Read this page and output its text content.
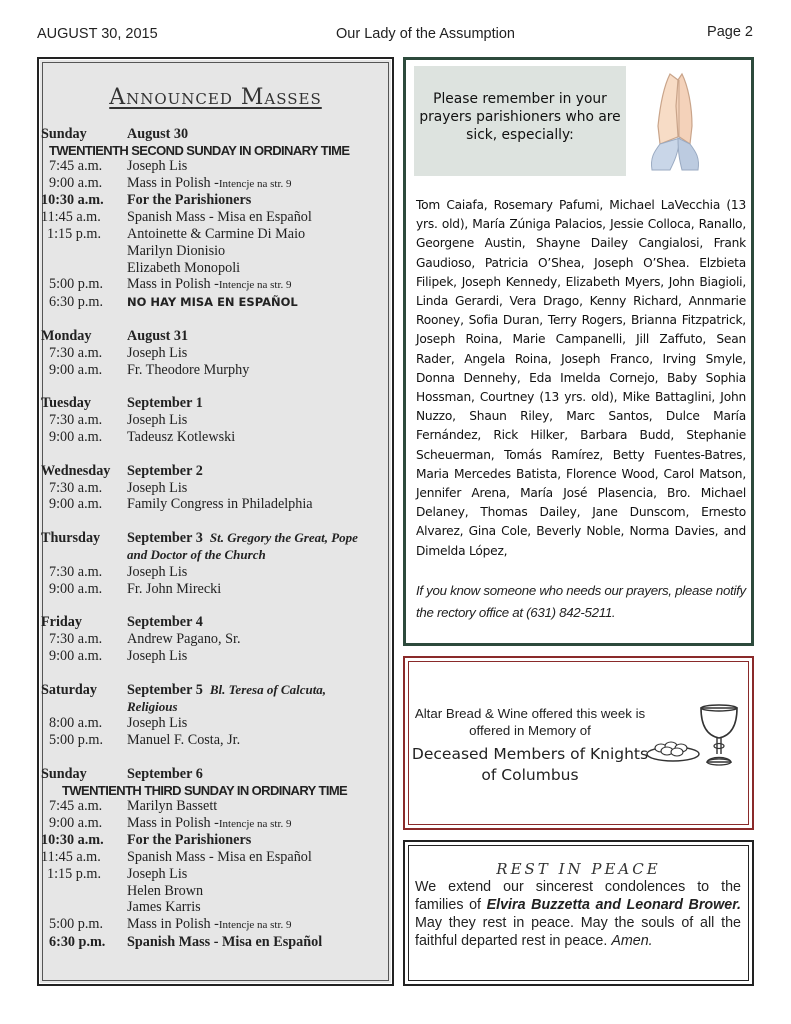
AUGUST 30, 2015	Our Lady of the Assumption	Page 2
Announced Masses
Sunday	August 30
TWENTIENTH SECOND SUNDAY IN ORDINARY TIME
7:45 a.m.	Joseph Lis
9:00 a.m.	Mass in Polish -Intencje na str. 9
10:30 a.m.	For the Parishioners
11:45 a.m.	Spanish Mass - Misa en Español
1:15 p.m.	Antoinette & Carmine Di Maio
Marilyn Dionisio
Elizabeth Monopoli
5:00 p.m.	Mass in Polish -Intencje na str. 9
6:30 p.m.	NO HAY MISA EN ESPAÑOL
Monday	August 31
7:30 a.m.	Joseph Lis
9:00 a.m.	Fr. Theodore Murphy
Tuesday	September 1
7:30 a.m.	Joseph Lis
9:00 a.m.	Tadeusz Kotlewski
Wednesday	September 2
7:30 a.m.	Joseph Lis
9:00 a.m.	Family Congress in Philadelphia
Thursday	September 3 St. Gregory the Great, Pope
and Doctor of the Church
7:30 a.m.	Joseph Lis
9:00 a.m.	Fr. John Mirecki
Friday	September 4
7:30 a.m.	Andrew Pagano, Sr.
9:00 a.m.	Joseph Lis
Saturday	September 5 Bl. Teresa of Calcuta,
Religious
8:00 a.m.	Joseph Lis
5:00 p.m.	Manuel F. Costa, Jr.
Sunday	September 6
TWENTIENTH THIRD SUNDAY IN ORDINARY TIME
7:45 a.m.	Marilyn Bassett
9:00 a.m.	Mass in Polish -Intencje na str. 9
10:30 a.m.	For the Parishioners
11:45 a.m.	Spanish Mass - Misa en Español
1:15 p.m.	Joseph Lis
Helen Brown
James Karris
5:00 p.m.	Mass in Polish -Intencje na str. 9
6:30 p.m.	Spanish Mass - Misa en Español
Please remember in your prayers parishioners who are sick, especially:
Tom Caiafa, Rosemary Pafumi, Michael LaVecchia (13 yrs. old), María Zúniga Palacios, Jessie Colloca, Ranallo, Georgene Austin, Shayne Dailey Cangialosi, Frank Gaudioso, Patricia O’Shea, Joseph O’Shea. Elzbieta Filipek, Joseph Kennedy, Elizabeth Myers, John Biagioli, Linda Gerardi, Vera Drago, Kenny Richard, Annmarie Rooney, Sofia Duran, Terry Rogers, Brianna Fitzpatrick, Joseph Roina, Marie Campanelli, Jill Zaffuto, Sean Rader, Angela Roina, Joseph Franco, Irving Smyle, Donna Dennehy, Eda Imelda Cornejo, Baby Sophia Hossman, Courtney (13 yrs. old), Mike Battaglini, John Nuzzo, Shaun Riley, Marc Santos, Dulce María Fernández, Rick Hilker, Barbara Budd, Stephanie Scheuerman, Tomás Ramírez, Betty Fuentes-Batres, Maria Mercedes Batista, Florence Wood, Carol Matson, Jennifer Arena, María José Plasencia, Bro. Michael Delaney, Thomas Dailey, Jane Dunscom, Ernesto Alvarez, Gina Cole, Beverly Noble, Norma Davies, and Dimelda López,
If you know someone who needs our prayers, please notify the rectory office at (631) 842-5211.
Altar Bread & Wine offered this week is offered in Memory of
Deceased Members of Knights of Columbus
REST IN PEACE

We extend our sincerest condolences to the families of Elvira Buzzetta and Leonard Brower. May they rest in peace. May the souls of all the faithful departed rest in peace. Amen.
